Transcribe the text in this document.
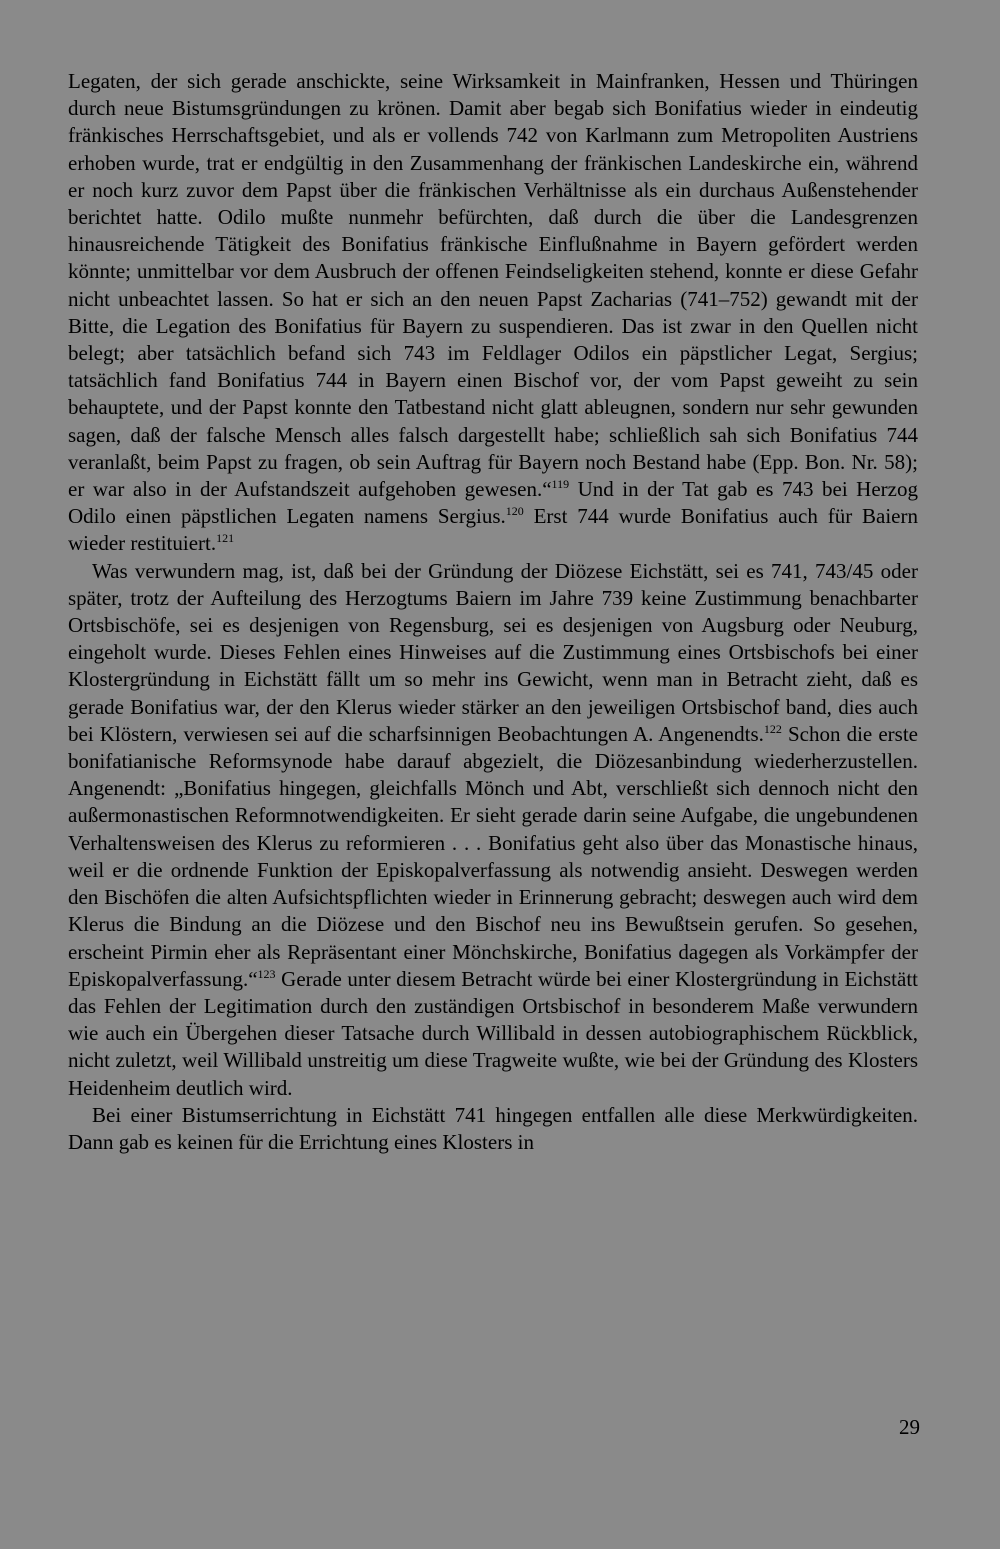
Legaten, der sich gerade anschickte, seine Wirksamkeit in Mainfranken, Hessen und Thüringen durch neue Bistumsgründungen zu krönen. Damit aber begab sich Bonifatius wieder in eindeutig fränkisches Herrschaftsgebiet, und als er vollends 742 von Karlmann zum Metropoliten Austriens erhoben wurde, trat er endgültig in den Zusammenhang der fränkischen Landeskirche ein, während er noch kurz zuvor dem Papst über die fränkischen Verhältnisse als ein durchaus Außenstehender berichtet hatte. Odilo mußte nunmehr befürchten, daß durch die über die Landesgrenzen hinausreichende Tätigkeit des Bonifatius fränkische Einflußnahme in Bayern gefördert werden könnte; unmittelbar vor dem Ausbruch der offenen Feindseligkeiten stehend, konnte er diese Gefahr nicht unbeachtet lassen. So hat er sich an den neuen Papst Zacharias (741–752) gewandt mit der Bitte, die Legation des Bonifatius für Bayern zu suspendieren. Das ist zwar in den Quellen nicht belegt; aber tatsächlich befand sich 743 im Feldlager Odilos ein päpstlicher Legat, Sergius; tatsächlich fand Bonifatius 744 in Bayern einen Bischof vor, der vom Papst geweiht zu sein behauptete, und der Papst konnte den Tatbestand nicht glatt ableugnen, sondern nur sehr gewunden sagen, daß der falsche Mensch alles falsch dargestellt habe; schließlich sah sich Bonifatius 744 veranlaßt, beim Papst zu fragen, ob sein Auftrag für Bayern noch Bestand habe (Epp. Bon. Nr. 58); er war also in der Aufstandszeit aufgehoben gewesen.“$^{119}$ Und in der Tat gab es 743 bei Herzog Odilo einen päpstlichen Legaten namens Sergius.$^{120}$ Erst 744 wurde Bonifatius auch für Baiern wieder restituiert.$^{121}$

Was verwundern mag, ist, daß bei der Gründung der Diözese Eichstätt, sei es 741, 743/45 oder später, trotz der Aufteilung des Herzogtums Baiern im Jahre 739 keine Zustimmung benachbarter Ortsbischöfe, sei es desjenigen von Regensburg, sei es desjenigen von Augsburg oder Neuburg, eingeholt wurde. Dieses Fehlen eines Hinweises auf die Zustimmung eines Ortsbischofs bei einer Klostergründung in Eichstätt fällt um so mehr ins Gewicht, wenn man in Betracht zieht, daß es gerade Bonifatius war, der den Klerus wieder stärker an den jeweiligen Ortsbischof band, dies auch bei Klöstern, verwiesen sei auf die scharfsinnigen Beobachtungen A. Angenendts.$^{122}$ Schon die erste bonifatianische Reformsynode habe darauf abgezielt, die Diözesanbindung wiederherzustellen. Angenendt: „Bonifatius hingegen, gleichfalls Mönch und Abt, verschließt sich dennoch nicht den außermonastischen Reformnotwendigkeiten. Er sieht gerade darin seine Aufgabe, die ungebundenen Verhaltensweisen des Klerus zu reformieren . . . Bonifatius geht also über das Monastische hinaus, weil er die ordnende Funktion der Episkopalverfassung als notwendig ansieht. Deswegen werden den Bischöfen die alten Aufsichtspflichten wieder in Erinnerung gebracht; deswegen auch wird dem Klerus die Bindung an die Diözese und den Bischof neu ins Bewußtsein gerufen. So gesehen, erscheint Pirmin eher als Repräsentant einer Mönchskirche, Bonifatius dagegen als Vorkämpfer der Episkopalverfassung.“$^{123}$ Gerade unter diesem Betracht würde bei einer Klostergründung in Eichstätt das Fehlen der Legitimation durch den zuständigen Ortsbischof in besonderem Maße verwundern wie auch ein Übergehen dieser Tatsache durch Willibald in dessen autobiographischem Rückblick, nicht zuletzt, weil Willibald unstreitig um diese Tragweite wußte, wie bei der Gründung des Klosters Heidenheim deutlich wird.

Bei einer Bistumserrichtung in Eichstätt 741 hingegen entfallen alle diese Merkwürdigkeiten. Dann gab es keinen für die Errichtung eines Klosters in

29
